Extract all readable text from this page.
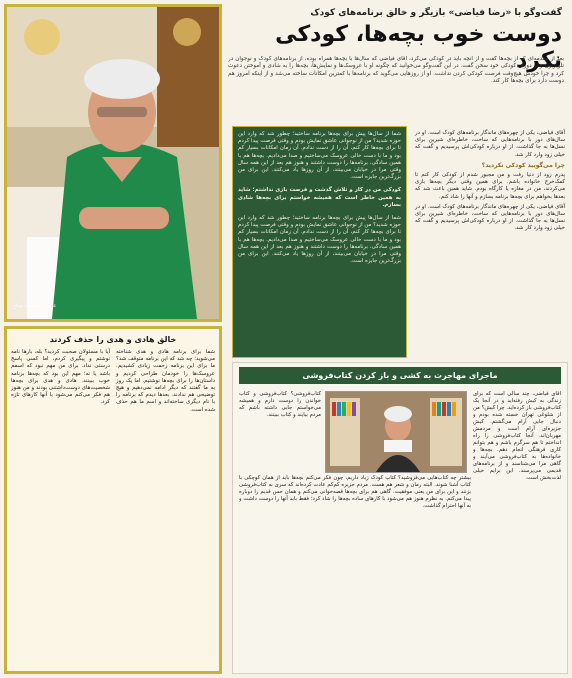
گفت‌وگو با «رضا فیاضی» بازیگر و خالق برنامه‌های کودک
دوست خوب بچه‌ها، کودکی نکرد
بعد از مقدمه‌ای که از بچه‌ها گفت و از آنچه باید در کودکی می‌کرد، اقای فیاضی که سال‌ها با بچه‌ها همراه بوده، از برنامه‌های کودک و نوجوان در تلویزیون و از دوران کودکی خود سخن گفت. در این گفت‌وگو می‌خوانید که چگونه او با عروسک‌ها و نمایش‌ها، بچه‌ها را به شادی و آموختن دعوت کرد و چرا خودش هیچ‌وقت فرصت کودکی کردن نداشت. او از روزهایی می‌گوید که برنامه‌ها با کمترین امکانات ساخته می‌شد و از اینکه امروز هم دوست دارد برای بچه‌ها کار کند.
عکس: هوشمند مداح

شما از سال‌ها پیش برای بچه‌ها برنامه ساختید؛ چطور شد که وارد این حوزه شدید؟ من از نوجوانی عاشق نمایش بودم و وقتی فرصت پیدا کردم تا برای بچه‌ها کار کنم، آن را از دست ندادم. آن زمان امکانات بسیار کم بود و ما با دست خالی عروسک می‌ساختیم و صدا می‌دادیم. بچه‌ها هم با همین سادگی، برنامه‌ها را دوست داشتند و هنوز هم بعد از این همه سال وقتی مرا در خیابان می‌بینند، از آن روزها یاد می‌کنند. این برای من بزرگ‌ترین جایزه است.

کودکی من در کار و تلاش گذشت و فرصت بازی نداشتم؛ شاید به همین خاطر است که همیشه خواستم برای بچه‌ها شادی بسازم.

شما از سال‌ها پیش برای بچه‌ها برنامه ساختید؛ چطور شد که وارد این حوزه شدید؟ من از نوجوانی عاشق نمایش بودم و وقتی فرصت پیدا کردم تا برای بچه‌ها کار کنم، آن را از دست ندادم. آن زمان امکانات بسیار کم بود و ما با دست خالی عروسک می‌ساختیم و صدا می‌دادیم. بچه‌ها هم با همین سادگی، برنامه‌ها را دوست داشتند و هنوز هم بعد از این همه سال وقتی مرا در خیابان می‌بینند، از آن روزها یاد می‌کنند. این برای من بزرگ‌ترین جایزه است.

آقای فیاضی، یکی از چهره‌های ماندگار برنامه‌های کودک است. او در سال‌های دور با برنامه‌هایی که ساخت، خاطره‌ای شیرین برای نسل‌ها به جا گذاشت. از او درباره کودکی‌اش پرسیدیم و گفت که خیلی زود وارد کار شد.

چرا می‌گویید کودکی نکردید؟

پدرم زود از دنیا رفت و من مجبور شدم از کودکی کار کنم تا کمک‌خرج خانواده باشم. برای همین وقتی دیگر بچه‌ها بازی می‌کردند، من در مغازه یا کارگاه بودم. شاید همین باعث شد که بعدها بخواهم برای بچه‌ها برنامه بسازم و آنها را شاد کنم.

آقای فیاضی، یکی از چهره‌های ماندگار برنامه‌های کودک است. او در سال‌های دور با برنامه‌هایی که ساخت، خاطره‌ای شیرین برای نسل‌ها به جا گذاشت. از او درباره کودکی‌اش پرسیدیم و گفت که خیلی زود وارد کار شد.

خالق هادی و هدی را حذف کردند
شما برای برنامه هادی و هدی شناخته می‌شوید؛ چه شد که این برنامه متوقف شد؟ ما برای این برنامه زحمت زیادی کشیدیم. عروسک‌ها را خودمان طراحی کردیم و داستان‌ها را برای بچه‌ها نوشتیم. اما یک روز به ما گفتند که دیگر ادامه نمی‌دهیم و هیچ توضیحی هم ندادند. بعدها دیدم که برنامه را با نام دیگری ساخته‌اند و اسم ما هم حذف شده است.
آیا با مسئولان صحبت کردید؟ بله، بارها نامه نوشتم و پیگیری کردم، اما کسی پاسخ درستی نداد. برای من مهم نبود که اسمم باشد یا نه؛ مهم این بود که بچه‌ها برنامه خوب ببینند. هادی و هدی برای بچه‌ها شخصیت‌های دوست‌داشتنی بودند و من هنوز هم فکر می‌کنم می‌شود با آنها کارهای تازه کرد.
ماجرای مهاجرت به کشی و باز کردن کتاب‌فروشی
کتاب‌فروشی؟ کتاب‌فروشی و کتاب خواندن را دوست دارم و همیشه می‌خواستم جایی داشته باشم که مردم بیایند و کتاب ببینند.
آقای فیاضی، چند سالی است که برای زندگی به کیش رفته‌اید و در آنجا یک کتاب‌فروشی باز کرده‌اید. چرا کیش؟ من از شلوغی تهران خسته شده بودم و دنبال جایی آرام می‌گشتم. کیش جزیره‌ای آرام است و مردمش مهربان‌اند. آنجا کتاب‌فروشی را راه انداختم تا هم سرگرم باشم و هم بتوانم کاری فرهنگی انجام دهم. بچه‌ها و خانواده‌ها به کتاب‌فروشی می‌آیند و گاهی مرا می‌شناسند و از برنامه‌های قدیمی می‌پرسند. این برایم خیلی لذت‌بخش است.
بیشتر چه کتاب‌هایی می‌فروشید؟ کتاب کودک زیاد داریم، چون فکر می‌کنم بچه‌ها باید از همان کوچکی با کتاب آشنا شوند. البته رمان و شعر هم هست. مردم جزیره کم‌کم عادت کرده‌اند که سری به کتاب‌فروشی بزنند و این برای من یعنی موفقیت. گاهی هم برای بچه‌ها قصه‌خوانی می‌کنم و همان حس قدیم را دوباره پیدا می‌کنم. به نظرم هنوز هم می‌شود با کارهای ساده بچه‌ها را شاد کرد؛ فقط باید آنها را دوست داشت و به آنها احترام گذاشت.
